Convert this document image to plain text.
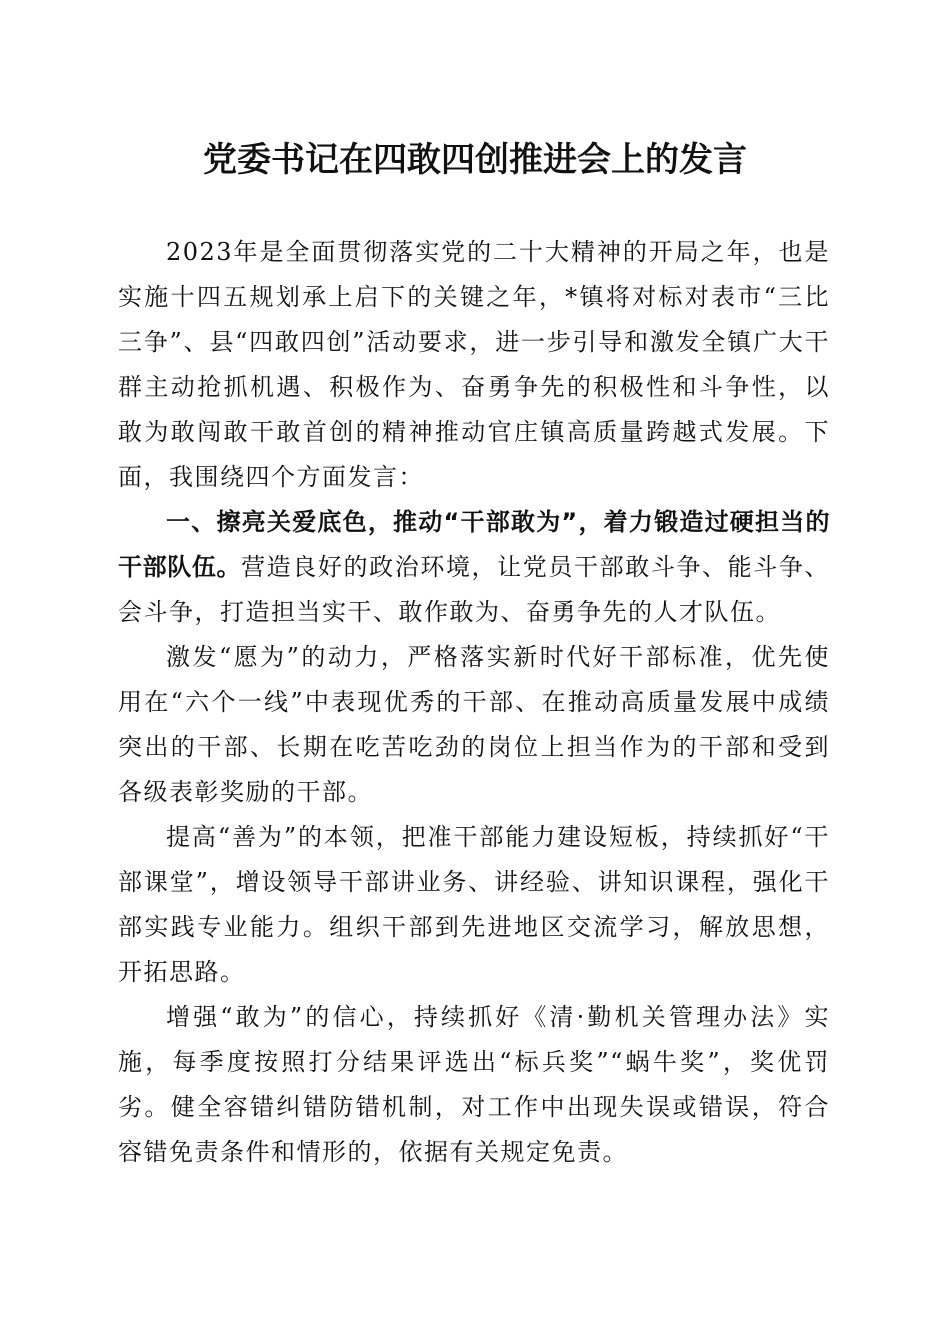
党委书记在四敢四创推进会上的发言

2023年是全面贯彻落实党的二十大精神的开局之年，也是实施十四五规划承上启下的关键之年，*镇将对标对表市“三比三争”、县“四敢四创”活动要求，进一步引导和激发全镇广大干群主动抢抓机遇、积极作为、奋勇争先的积极性和斗争性，以敢为敢闯敢干敢首创的精神推动官庄镇高质量跨越式发展。下面，我围绕四个方面发言：

一、擦亮关爱底色，推动“干部敢为”，着力锻造过硬担当的干部队伍。营造良好的政治环境，让党员干部敢斗争、能斗争、会斗争，打造担当实干、敢作敢为、奋勇争先的人才队伍。

激发“愿为”的动力，严格落实新时代好干部标准，优先使用在“六个一线”中表现优秀的干部、在推动高质量发展中成绩突出的干部、长期在吃苦吃劲的岗位上担当作为的干部和受到各级表彰奖励的干部。

提高“善为”的本领，把准干部能力建设短板，持续抓好“干部课堂”，增设领导干部讲业务、讲经验、讲知识课程，强化干部实践专业能力。组织干部到先进地区交流学习，解放思想，开拓思路。

增强“敢为”的信心，持续抓好《清·勤机关管理办法》实施，每季度按照打分结果评选出“标兵奖”“蜗牛奖”，奖优罚劣。健全容错纠错防错机制，对工作中出现失误或错误，符合容错免责条件和情形的，依据有关规定免责。
